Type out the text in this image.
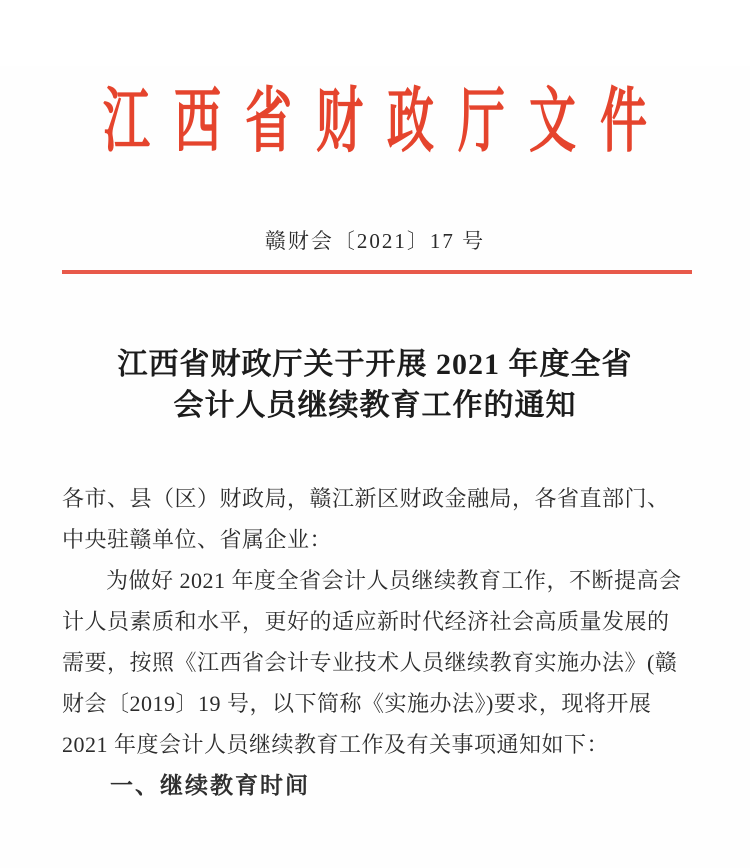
江西省财政厅文件
赣财会〔2021〕17 号
江西省财政厅关于开展 2021 年度全省
会计人员继续教育工作的通知
各市、县（区）财政局，赣江新区财政金融局，各省直部门、
中央驻赣单位、省属企业：
为做好 2021 年度全省会计人员继续教育工作，不断提高会
计人员素质和水平，更好的适应新时代经济社会高质量发展的
需要，按照《江西省会计专业技术人员继续教育实施办法》(赣
财会〔2019〕19 号，以下简称《实施办法》)要求，现将开展
2021 年度会计人员继续教育工作及有关事项通知如下：
一、继续教育时间
